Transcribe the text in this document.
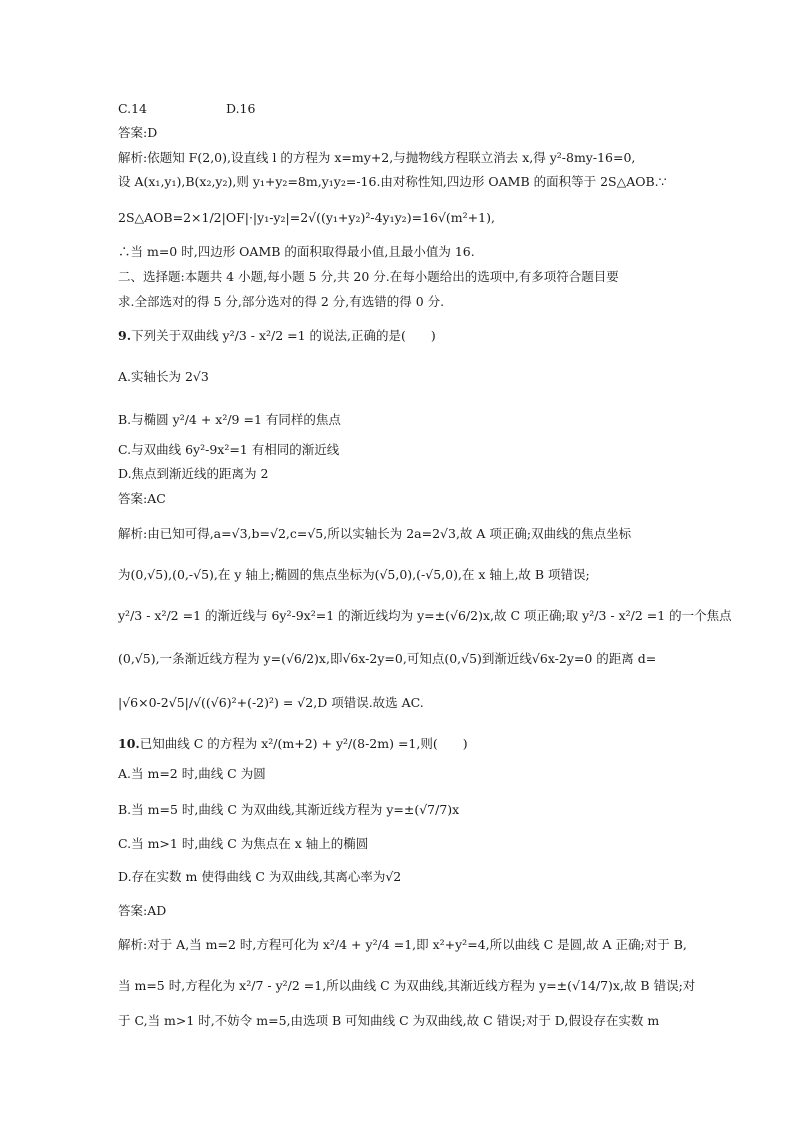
C.14	D.16
答案:D
解析:依题知 F(2,0),设直线 l 的方程为 x=my+2,与抛物线方程联立消去 x,得 y²-8my-16=0,
设 A(x₁,y₁),B(x₂,y₂),则 y₁+y₂=8m,y₁y₂=-16.由对称性知,四边形 OAMB 的面积等于 2S△AOB.∵
2S△AOB=2×1/2|OF|·|y₁-y₂|=2√((y₁+y₂)²-4y₁y₂)=16√(m²+1),
∴当 m=0 时,四边形 OAMB 的面积取得最小值,且最小值为 16.
二、选择题:本题共 4 小题,每小题 5 分,共 20 分.在每小题给出的选项中,有多项符合题目要
求.全部选对的得 5 分,部分选对的得 2 分,有选错的得 0 分.
9.下列关于双曲线 y²/3 - x²/2 =1 的说法,正确的是(　　)
A.实轴长为 2√3
B.与椭圆 y²/4 + x²/9 =1 有同样的焦点
C.与双曲线 6y²-9x²=1 有相同的渐近线
D.焦点到渐近线的距离为 2
答案:AC
解析:由已知可得,a=√3,b=√2,c=√5,所以实轴长为 2a=2√3,故 A 项正确;双曲线的焦点坐标
为(0,√5),(0,-√5),在 y 轴上;椭圆的焦点坐标为(√5,0),(-√5,0),在 x 轴上,故 B 项错误;
y²/3 - x²/2 =1 的渐近线与 6y²-9x²=1 的渐近线均为 y=±(√6/2)x,故 C 项正确;取 y²/3 - x²/2 =1 的一个焦点
(0,√5),一条渐近线方程为 y=(√6/2)x,即√6x-2y=0,可知点(0,√5)到渐近线√6x-2y=0 的距离 d=
|√6×0-2√5|/√((√6)²+(-2)²) = √2,D 项错误.故选 AC.
10.已知曲线 C 的方程为 x²/(m+2) + y²/(8-2m) =1,则(　　)
A.当 m=2 时,曲线 C 为圆
B.当 m=5 时,曲线 C 为双曲线,其渐近线方程为 y=±(√7/7)x
C.当 m>1 时,曲线 C 为焦点在 x 轴上的椭圆
D.存在实数 m 使得曲线 C 为双曲线,其离心率为√2
答案:AD
解析:对于 A,当 m=2 时,方程可化为 x²/4 + y²/4 =1,即 x²+y²=4,所以曲线 C 是圆,故 A 正确;对于 B,
当 m=5 时,方程化为 x²/7 - y²/2 =1,所以曲线 C 为双曲线,其渐近线方程为 y=±(√14/7)x,故 B 错误;对
于 C,当 m>1 时,不妨令 m=5,由选项 B 可知曲线 C 为双曲线,故 C 错误;对于 D,假设存在实数 m
